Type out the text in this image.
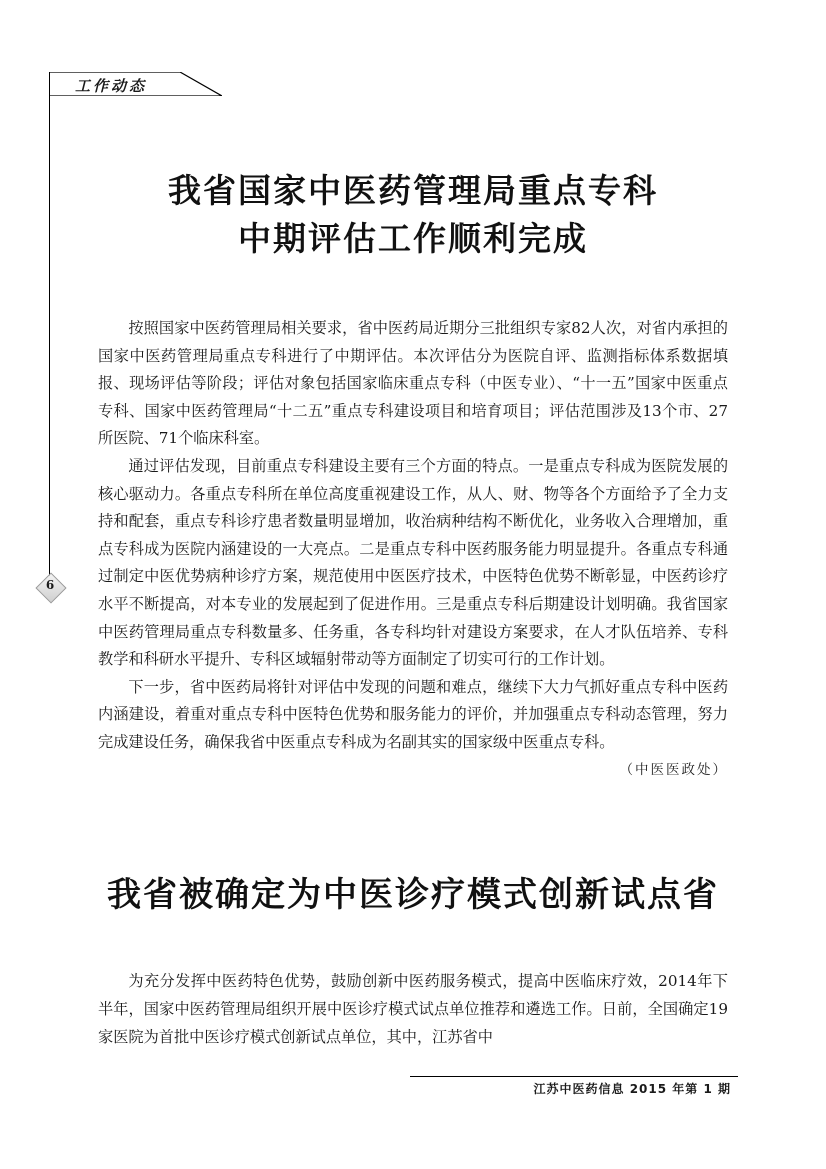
工作动态
6
我省国家中医药管理局重点专科
中期评估工作顺利完成

按照国家中医药管理局相关要求，省中医药局近期分三批组织专家82人次，对省内承担的国家中医药管理局重点专科进行了中期评估。本次评估分为医院自评、监测指标体系数据填报、现场评估等阶段；评估对象包括国家临床重点专科（中医专业）、“十一五”国家中医重点专科、国家中医药管理局“十二五”重点专科建设项目和培育项目；评估范围涉及13个市、27所医院、71个临床科室。

通过评估发现，目前重点专科建设主要有三个方面的特点。一是重点专科成为医院发展的核心驱动力。各重点专科所在单位高度重视建设工作，从人、财、物等各个方面给予了全力支持和配套，重点专科诊疗患者数量明显增加，收治病种结构不断优化，业务收入合理增加，重点专科成为医院内涵建设的一大亮点。二是重点专科中医药服务能力明显提升。各重点专科通过制定中医优势病种诊疗方案，规范使用中医医疗技术，中医特色优势不断彰显，中医药诊疗水平不断提高，对本专业的发展起到了促进作用。三是重点专科后期建设计划明确。我省国家中医药管理局重点专科数量多、任务重，各专科均针对建设方案要求，在人才队伍培养、专科教学和科研水平提升、专科区域辐射带动等方面制定了切实可行的工作计划。

下一步，省中医药局将针对评估中发现的问题和难点，继续下大力气抓好重点专科中医药内涵建设，着重对重点专科中医特色优势和服务能力的评价，并加强重点专科动态管理，努力完成建设任务，确保我省中医重点专科成为名副其实的国家级中医重点专科。

（中医医政处）
我省被确定为中医诊疗模式创新试点省

为充分发挥中医药特色优势，鼓励创新中医药服务模式，提高中医临床疗效，2014年下半年，国家中医药管理局组织开展中医诊疗模式试点单位推荐和遴选工作。日前，全国确定19家医院为首批中医诊疗模式创新试点单位，其中，江苏省中

江苏中医药信息 2015 年第 1 期
